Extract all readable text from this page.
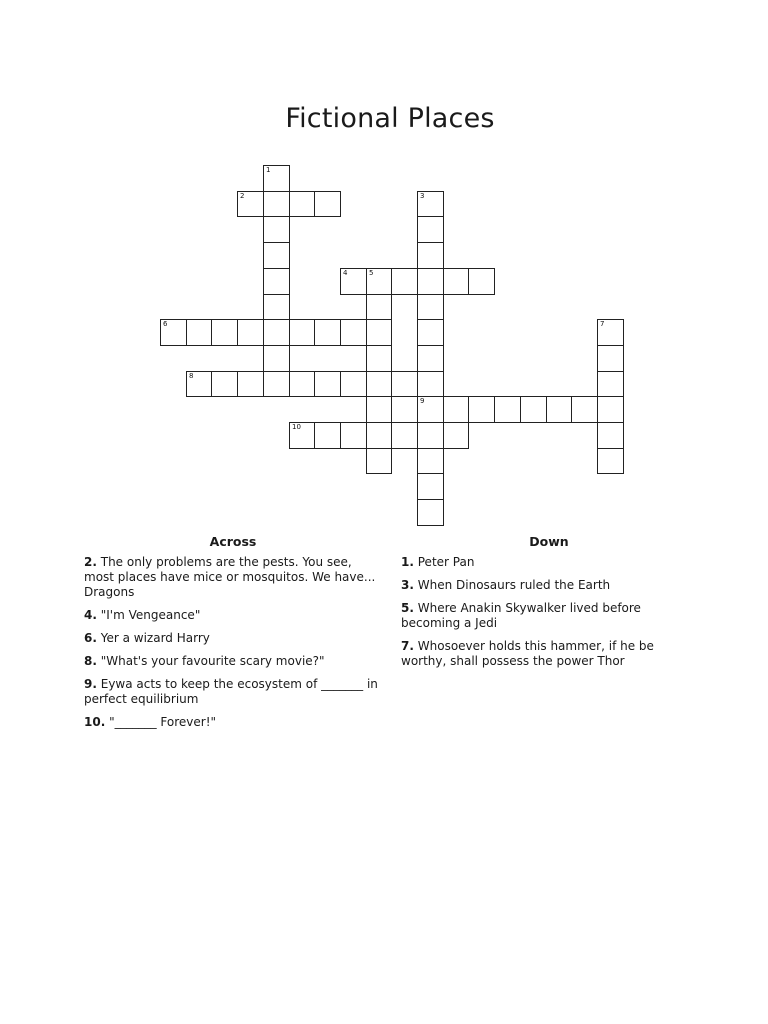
Fictional Places
1
2	3
9
4	5
6	7
8
10
Across
2. The only problems are the pests. You see, most places have mice or mosquitos. We have... Dragons
4. "I'm Vengeance"
6. Yer a wizard Harry
8. "What's your favourite scary movie?"
9. Eywa acts to keep the ecosystem of _______ in perfect equilibrium
10. "_______ Forever!"
Down
1. Peter Pan
3. When Dinosaurs ruled the Earth
5. Where Anakin Skywalker lived before becoming a Jedi
7. Whosoever holds this hammer, if he be worthy, shall possess the power Thor
